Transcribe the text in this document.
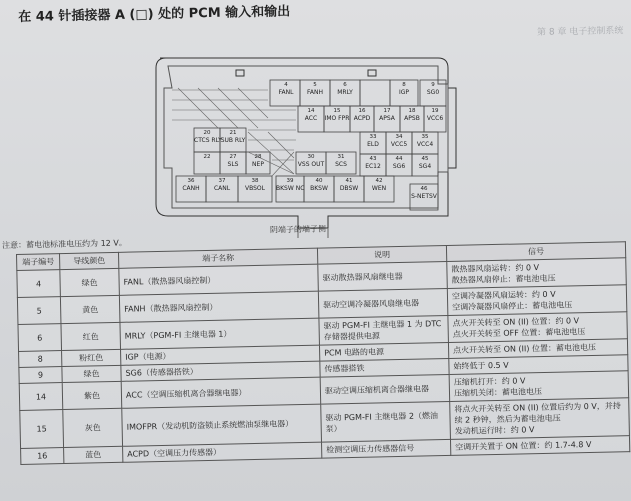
在 44 针插接器 A (□) 处的 PCM 输入和输出
第 8 章 电子控制系统
4
FANL
5
FANH
6
MRLY
8
IGP
9
SG0
14
ACC
15
IMO FPR
16
ACPD
17
APSA
18
APSB
19
VCC6
20
CTCS RLY
21
SUB RLY
22	27
SLS
28
NEP
30
VSS OUT
31
SCS
33
ELD
34
VCC5
35
VCC4
36
CANH
37
CANL
38
VBSOL
39
BKSW NC
40
BKSW
41
DBSW
42
WEN
43
EC12
44
SG6
45
SG4
46
S-NETSV
阴端子的端子侧
注意：蓄电池标准电压约为 12 V。
端子编号	导线颜色	端子名称	说明	信号
4	绿色	FANL（散热器风扇控制）	驱动散热器风扇继电器	散热器风扇运转：约 0 V
散热器风扇停止：蓄电池电压

5	黄色	FANH（散热器风扇控制）	驱动空调冷凝器风扇继电器	空调冷凝器风扇运转：约 0 V
空调冷凝器风扇停止：蓄电池电压

6	红色	MRLY（PGM-FI 主继电器 1）	驱动 PGM-FI 主继电器 1 为 DTC 存储器提供电源	点火开关转至 ON (II) 位置：约 0 V
点火开关转至 OFF 位置：蓄电池电压

8	粉红色	IGP（电源）	PCM 电路的电源	点火开关转至 ON (II) 位置：蓄电池电压

9	绿色	SG6（传感器搭铁）	传感器搭铁	始终低于 0.5 V

14	紫色	ACC（空调压缩机离合器继电器）	驱动空调压缩机离合器继电器	压缩机打开：约 0 V
压缩机关闭：蓄电池电压

15	灰色	IMOFPR（发动机防盗锁止系统燃油泵继电器）	驱动 PGM-FI 主继电器 2（燃油泵）	将点火开关转至 ON (II) 位置后约为 0 V，并持续 2 秒钟，然后为蓄电池电压
发动机运行时：约 0 V

16	蓝色	ACPD（空调压力传感器）	检测空调压力传感器信号	空调开关置于 ON 位置：约 1.7-4.8 V
